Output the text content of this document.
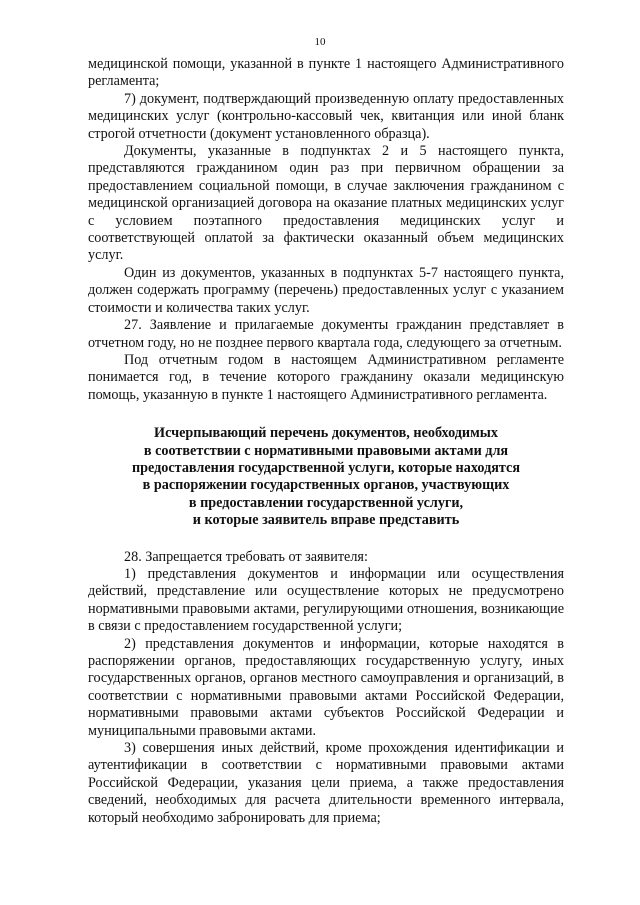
10

медицинской помощи, указанной в пункте 1 настоящего Административного регламента;

7) документ, подтверждающий произведенную оплату предоставленных медицинских услуг (контрольно-кассовый чек, квитанция или иной бланк строгой отчетности (документ установленного образца).

Документы, указанные в подпунктах 2 и 5 настоящего пункта, представляются гражданином один раз при первичном обращении за предоставлением социальной помощи, в случае заключения гражданином с медицинской организацией договора на оказание платных медицинских услуг с условием поэтапного предоставления медицинских услуг и соответствующей оплатой за фактически оказанный объем медицинских услуг.

Один из документов, указанных в подпунктах 5-7 настоящего пункта, должен содержать программу (перечень) предоставленных услуг с указанием стоимости и количества таких услуг.

27. Заявление и прилагаемые документы гражданин представляет в отчетном году, но не позднее первого квартала года, следующего за отчетным.

Под отчетным годом в настоящем Административном регламенте понимается год, в течение которого гражданину оказали медицинскую помощь, указанную в пункте 1 настоящего Административного регламента.

Исчерпывающий перечень документов, необходимых
в соответствии с нормативными правовыми актами для
предоставления государственной услуги, которые находятся
в распоряжении государственных органов, участвующих
в предоставлении государственной услуги,
и которые заявитель вправе представить

28. Запрещается требовать от заявителя:

1) представления документов и информации или осуществления действий, представление или осуществление которых не предусмотрено нормативными правовыми актами, регулирующими отношения, возникающие в связи с предоставлением государственной услуги;

2) представления документов и информации, которые находятся в распоряжении органов, предоставляющих государственную услугу, иных государственных органов, органов местного самоуправления и организаций, в соответствии с нормативными правовыми актами Российской Федерации, нормативными правовыми актами субъектов Российской Федерации и муниципальными правовыми актами.

3) совершения иных действий, кроме прохождения идентификации и аутентификации в соответствии с нормативными правовыми актами Российской Федерации, указания цели приема, а также предоставления сведений, необходимых для расчета длительности временного интервала, который необходимо забронировать для приема;
